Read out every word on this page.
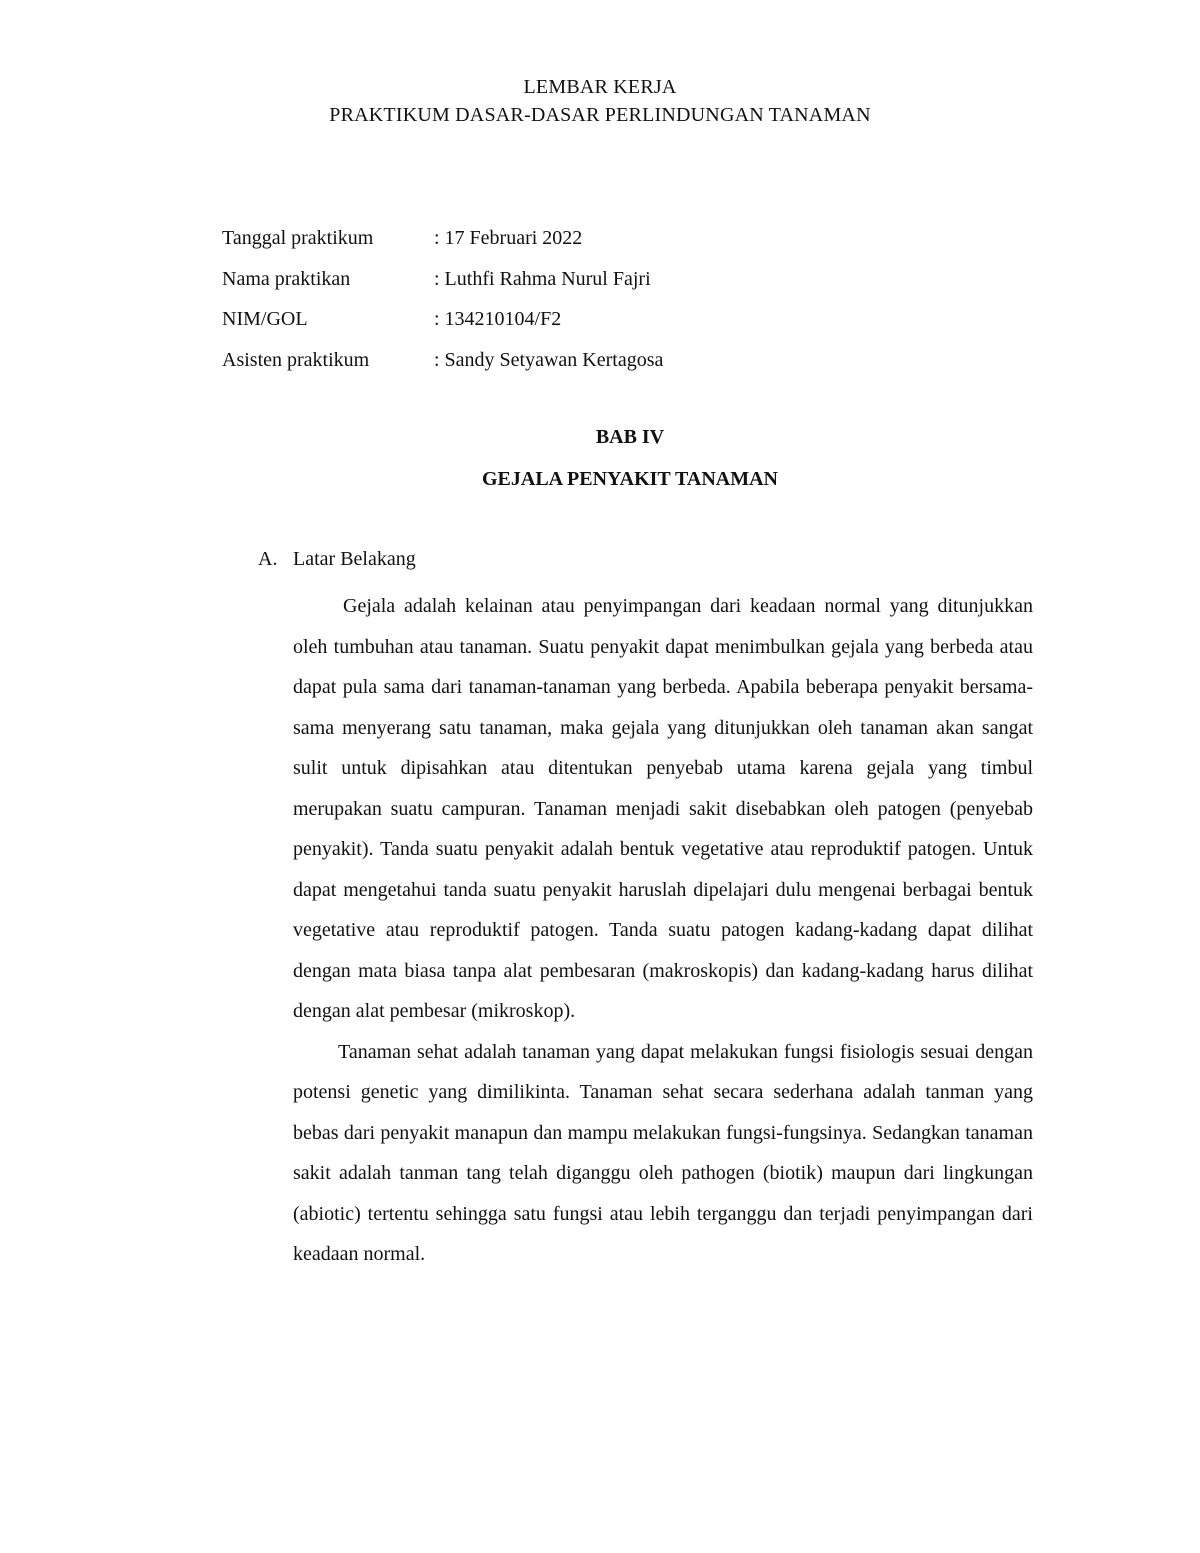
LEMBAR KERJA
PRAKTIKUM DASAR-DASAR PERLINDUNGAN TANAMAN
Tanggal praktikum	: 17 Februari 2022
Nama praktikan	: Luthfi Rahma Nurul Fajri
NIM/GOL	: 134210104/F2
Asisten praktikum	: Sandy Setyawan Kertagosa
BAB IV
GEJALA PENYAKIT TANAMAN
A. Latar Belakang

Gejala adalah kelainan atau penyimpangan dari keadaan normal yang ditunjukkan oleh tumbuhan atau tanaman. Suatu penyakit dapat menimbulkan gejala yang berbeda atau dapat pula sama dari tanaman-tanaman yang berbeda. Apabila beberapa penyakit bersama-sama menyerang satu tanaman, maka gejala yang ditunjukkan oleh tanaman akan sangat sulit untuk dipisahkan atau ditentukan penyebab utama karena gejala yang timbul merupakan suatu campuran. Tanaman menjadi sakit disebabkan oleh patogen (penyebab penyakit). Tanda suatu penyakit adalah bentuk vegetative atau reproduktif patogen. Untuk dapat mengetahui tanda suatu penyakit haruslah dipelajari dulu mengenai berbagai bentuk vegetative atau reproduktif patogen. Tanda suatu patogen kadang-kadang dapat dilihat dengan mata biasa tanpa alat pembesaran (makroskopis) dan kadang-kadang harus dilihat dengan alat pembesar (mikroskop).

Tanaman sehat adalah tanaman yang dapat melakukan fungsi fisiologis sesuai dengan potensi genetic yang dimilikinta. Tanaman sehat secara sederhana adalah tanman yang bebas dari penyakit manapun dan mampu melakukan fungsi-fungsinya. Sedangkan tanaman sakit adalah tanman tang telah diganggu oleh pathogen (biotik) maupun dari lingkungan (abiotic) tertentu sehingga satu fungsi atau lebih terganggu dan terjadi penyimpangan dari keadaan normal.
